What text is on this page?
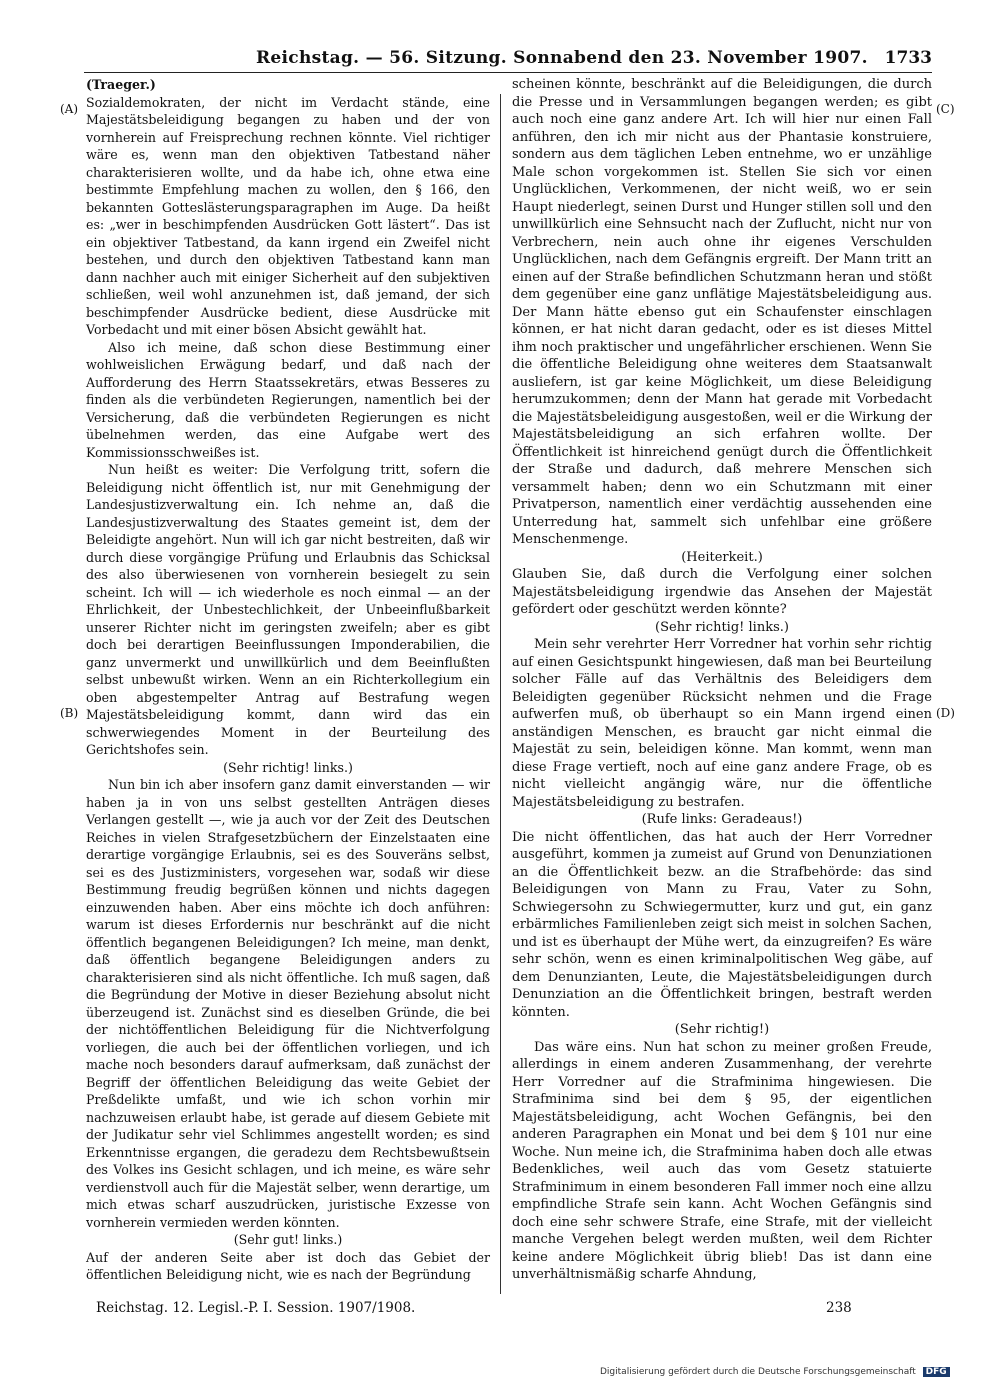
Reichstag. — 56. Sitzung. Sonnabend den 23. November 1907. 1733
(A)
(B)
(C)
(D)

(Traeger.)

Sozialdemokraten, der nicht im Verdacht stände, eine Majestätsbeleidigung begangen zu haben und der von vornherein auf Freisprechung rechnen könnte. Viel richtiger wäre es, wenn man den objektiven Tatbestand näher charakterisieren wollte, und da habe ich, ohne etwa eine bestimmte Empfehlung machen zu wollen, den § 166, den bekannten Gotteslästerungsparagraphen im Auge. Da heißt es: „wer in beschimpfenden Ausdrücken Gott lästert“. Das ist ein objektiver Tatbestand, da kann irgend ein Zweifel nicht bestehen, und durch den objektiven Tatbestand kann man dann nachher auch mit einiger Sicherheit auf den subjektiven schließen, weil wohl anzunehmen ist, daß jemand, der sich beschimpfender Ausdrücke bedient, diese Ausdrücke mit Vorbedacht und mit einer bösen Absicht gewählt hat.

Also ich meine, daß schon diese Bestimmung einer wohlweislichen Erwägung bedarf, und daß nach der Aufforderung des Herrn Staatssekretärs, etwas Besseres zu finden als die verbündeten Regierungen, namentlich bei der Versicherung, daß die verbündeten Regierungen es nicht übelnehmen werden, das eine Aufgabe wert des Kommissionsschweißes ist.

Nun heißt es weiter: Die Verfolgung tritt, sofern die Beleidigung nicht öffentlich ist, nur mit Genehmigung der Landesjustizverwaltung ein. Ich nehme an, daß die Landesjustizverwaltung des Staates gemeint ist, dem der Beleidigte angehört. Nun will ich gar nicht bestreiten, daß wir durch diese vorgängige Prüfung und Erlaubnis das Schicksal des also überwiesenen von vornherein besiegelt zu sein scheint. Ich will — ich wiederhole es noch einmal — an der Ehrlichkeit, der Unbestechlichkeit, der Unbeeinflußbarkeit unserer Richter nicht im geringsten zweifeln; aber es gibt doch bei derartigen Beeinflussungen Imponderabilien, die ganz unvermerkt und unwillkürlich und dem Beeinflußten selbst unbewußt wirken. Wenn an ein Richterkollegium ein oben abgestempelter Antrag auf Bestrafung wegen Majestätsbeleidigung kommt, dann wird das ein schwerwiegendes Moment in der Beurteilung des Gerichtshofes sein.

(Sehr richtig! links.)

Nun bin ich aber insofern ganz damit einverstanden — wir haben ja in von uns selbst gestellten Anträgen dieses Verlangen gestellt —, wie ja auch vor der Zeit des Deutschen Reiches in vielen Strafgesetzbüchern der Einzelstaaten eine derartige vorgängige Erlaubnis, sei es des Souveräns selbst, sei es des Justizministers, vorgesehen war, sodaß wir diese Bestimmung freudig begrüßen können und nichts dagegen einzuwenden haben. Aber eins möchte ich doch anführen: warum ist dieses Erfordernis nur beschränkt auf die nicht öffentlich begangenen Beleidigungen? Ich meine, man denkt, daß öffentlich begangene Beleidigungen anders zu charakterisieren sind als nicht öffentliche. Ich muß sagen, daß die Begründung der Motive in dieser Beziehung absolut nicht überzeugend ist. Zunächst sind es dieselben Gründe, die bei der nichtöffentlichen Beleidigung für die Nichtverfolgung vorliegen, die auch bei der öffentlichen vorliegen, und ich mache noch besonders darauf aufmerksam, daß zunächst der Begriff der öffentlichen Beleidigung das weite Gebiet der Preßdelikte umfaßt, und wie ich schon vorhin mir nachzuweisen erlaubt habe, ist gerade auf diesem Gebiete mit der Judikatur sehr viel Schlimmes angestellt worden; es sind Erkenntnisse ergangen, die geradezu dem Rechtsbewußtsein des Volkes ins Gesicht schlagen, und ich meine, es wäre sehr verdienstvoll auch für die Majestät selber, wenn derartige, um mich etwas scharf auszudrücken, juristische Exzesse von vornherein vermieden werden könnten.

(Sehr gut! links.)

Auf der anderen Seite aber ist doch das Gebiet der öffentlichen Beleidigung nicht, wie es nach der Begründung

scheinen könnte, beschränkt auf die Beleidigungen, die durch die Presse und in Versammlungen begangen werden; es gibt auch noch eine ganz andere Art. Ich will hier nur einen Fall anführen, den ich mir nicht aus der Phantasie konstruiere, sondern aus dem täglichen Leben entnehme, wo er unzählige Male schon vorgekommen ist. Stellen Sie sich vor einen Unglücklichen, Verkommenen, der nicht weiß, wo er sein Haupt niederlegt, seinen Durst und Hunger stillen soll und den unwillkürlich eine Sehnsucht nach der Zuflucht, nicht nur von Verbrechern, nein auch ohne ihr eigenes Verschulden Unglücklichen, nach dem Gefängnis ergreift. Der Mann tritt an einen auf der Straße befindlichen Schutzmann heran und stößt dem gegenüber eine ganz unflätige Majestätsbeleidigung aus. Der Mann hätte ebenso gut ein Schaufenster einschlagen können, er hat nicht daran gedacht, oder es ist dieses Mittel ihm noch praktischer und ungefährlicher erschienen. Wenn Sie die öffentliche Beleidigung ohne weiteres dem Staatsanwalt ausliefern, ist gar keine Möglichkeit, um diese Beleidigung herumzukommen; denn der Mann hat gerade mit Vorbedacht die Majestätsbeleidigung ausgestoßen, weil er die Wirkung der Majestätsbeleidigung an sich erfahren wollte. Der Öffentlichkeit ist hinreichend genügt durch die Öffentlichkeit der Straße und dadurch, daß mehrere Menschen sich versammelt haben; denn wo ein Schutzmann mit einer Privatperson, namentlich einer verdächtig aussehenden eine Unterredung hat, sammelt sich unfehlbar eine größere Menschenmenge.

(Heiterkeit.)

Glauben Sie, daß durch die Verfolgung einer solchen Majestätsbeleidigung irgendwie das Ansehen der Majestät gefördert oder geschützt werden könnte?

(Sehr richtig! links.)

Mein sehr verehrter Herr Vorredner hat vorhin sehr richtig auf einen Gesichtspunkt hingewiesen, daß man bei Beurteilung solcher Fälle auf das Verhältnis des Beleidigers dem Beleidigten gegenüber Rücksicht nehmen und die Frage aufwerfen muß, ob überhaupt so ein Mann irgend einen anständigen Menschen, es braucht gar nicht einmal die Majestät zu sein, beleidigen könne. Man kommt, wenn man diese Frage vertieft, noch auf eine ganz andere Frage, ob es nicht vielleicht angängig wäre, nur die öffentliche Majestätsbeleidigung zu bestrafen.

(Rufe links: Geradeaus!)

Die nicht öffentlichen, das hat auch der Herr Vorredner ausgeführt, kommen ja zumeist auf Grund von Denunziationen an die Öffentlichkeit bezw. an die Strafbehörde: das sind Beleidigungen von Mann zu Frau, Vater zu Sohn, Schwiegersohn zu Schwiegermutter, kurz und gut, ein ganz erbärmliches Familienleben zeigt sich meist in solchen Sachen, und ist es überhaupt der Mühe wert, da einzugreifen? Es wäre sehr schön, wenn es einen kriminalpolitischen Weg gäbe, auf dem Denunzianten, Leute, die Majestätsbeleidigungen durch Denunziation an die Öffentlichkeit bringen, bestraft werden könnten.

(Sehr richtig!)

Das wäre eins. Nun hat schon zu meiner großen Freude, allerdings in einem anderen Zusammenhang, der verehrte Herr Vorredner auf die Strafminima hingewiesen. Die Strafminima sind bei dem § 95, der eigentlichen Majestätsbeleidigung, acht Wochen Gefängnis, bei den anderen Paragraphen ein Monat und bei dem § 101 nur eine Woche. Nun meine ich, die Strafminima haben doch alle etwas Bedenkliches, weil auch das vom Gesetz statuierte Strafminimum in einem besonderen Fall immer noch eine allzu empfindliche Strafe sein kann. Acht Wochen Gefängnis sind doch eine sehr schwere Strafe, eine Strafe, mit der vielleicht manche Vergehen belegt werden mußten, weil dem Richter keine andere Möglichkeit übrig blieb! Das ist dann eine unverhältnismäßig scharfe Ahndung,

Reichstag. 12. Legisl.-P. I. Session. 1907/1908.	238
Digitalisierung gefördert durch die Deutsche Forschungsgemeinschaft DFG
